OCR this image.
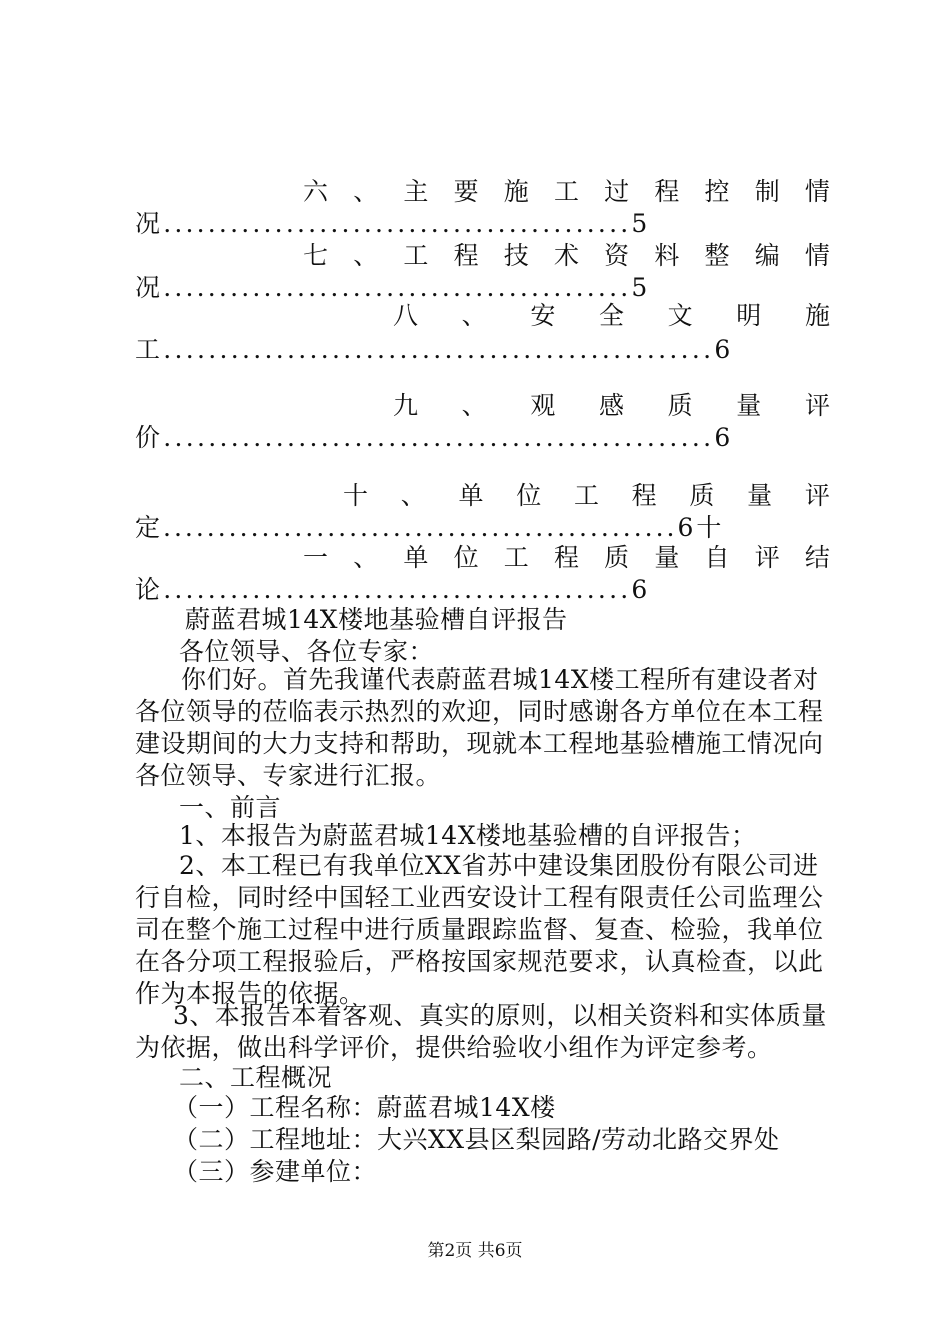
六 、 主 要 施 工 过 程 控 制 情
况..........................................5
七 、 工 程 技 术 资 料 整 编 情
况..........................................5
八 、 安 全 文 明 施
工.................................................6
九 、 观 感 质 量 评
价.................................................6
十 、 单 位 工 程 质 量 评
定...............................................6十
一 、 单 位 工 程 质 量 自 评 结
论..........................................6
蔚蓝君城14X楼地基验槽自评报告
各位领导、各位专家：
你们好。首先我谨代表蔚蓝君城14X楼工程所有建设者对各位领导的莅临表示热烈的欢迎，同时感谢各方单位在本工程建设期间的大力支持和帮助，现就本工程地基验槽施工情况向各位领导、专家进行汇报。
一、前言
1、本报告为蔚蓝君城14X楼地基验槽的自评报告；
2、本工程已有我单位XX省苏中建设集团股份有限公司进行自检，同时经中国轻工业西安设计工程有限责任公司监理公司在整个施工过程中进行质量跟踪监督、复查、检验，我单位在各分项工程报验后，严格按国家规范要求，认真检查，以此作为本报告的依据。
3、本报告本着客观、真实的原则，以相关资料和实体质量为依据，做出科学评价，提供给验收小组作为评定参考。
二、工程概况
（一）工程名称：蔚蓝君城14X楼
（二）工程地址：大兴XX县区梨园路/劳动北路交界处
（三）参建单位：
第2页 共6页
